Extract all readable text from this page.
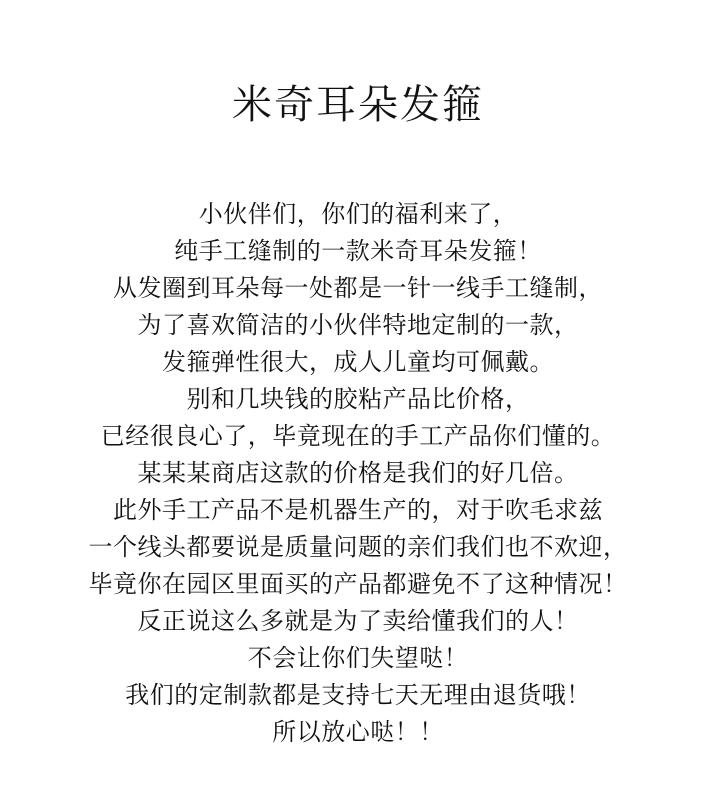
米奇耳朵发箍
小伙伴们，你们的福利来了，
纯手工缝制的一款米奇耳朵发箍！
从发圈到耳朵每一处都是一针一线手工缝制，
为了喜欢简洁的小伙伴特地定制的一款，
发箍弹性很大，成人儿童均可佩戴。
别和几块钱的胶粘产品比价格，
已经很良心了，毕竟现在的手工产品你们懂的。
某某某商店这款的价格是我们的好几倍。
此外手工产品不是机器生产的，对于吹毛求兹
一个线头都要说是质量问题的亲们我们也不欢迎，
毕竟你在园区里面买的产品都避免不了这种情况！
反正说这么多就是为了卖给懂我们的人！
不会让你们失望哒！
我们的定制款都是支持七天无理由退货哦！
所以放心哒！！
